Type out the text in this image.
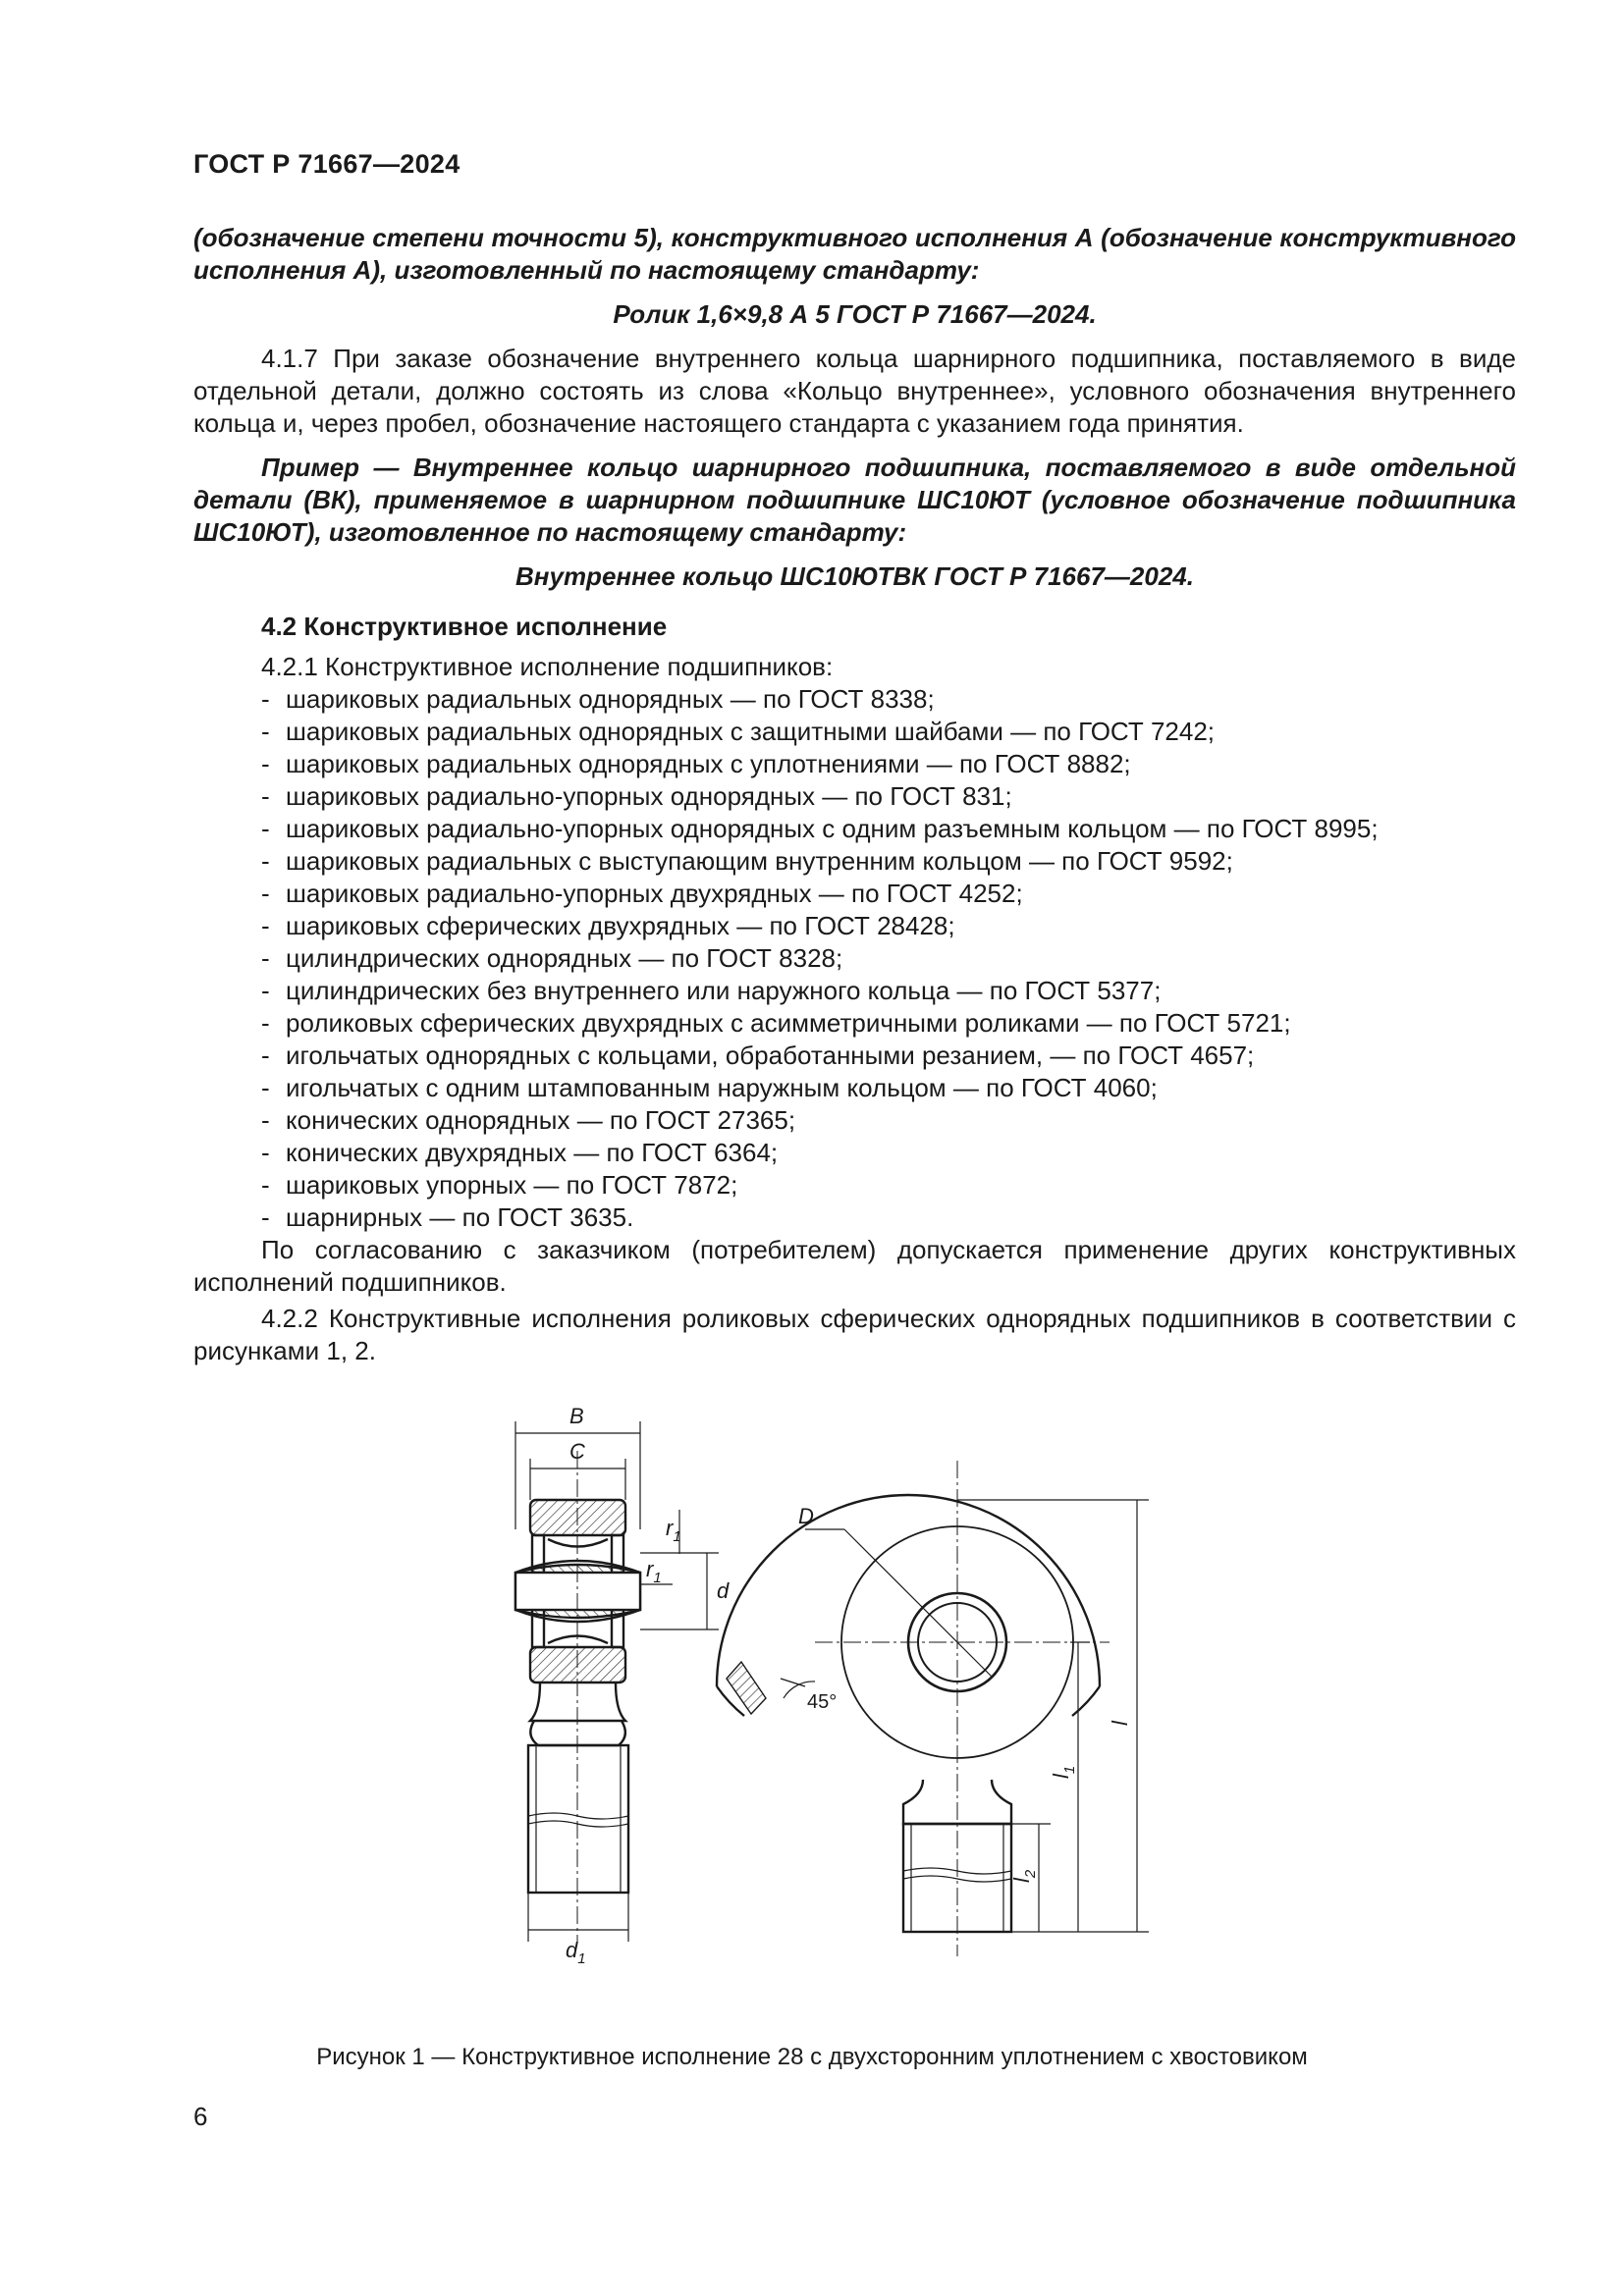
ГОСТ Р 71667—2024

(обозначение степени точности 5), конструктивного исполнения А (обозначение конструктивного исполнения А), изготовленный по настоящему стандарту:

Ролик 1,6×9,8 А 5 ГОСТ Р 71667—2024.

4.1.7 При заказе обозначение внутреннего кольца шарнирного подшипника, поставляемого в виде отдельной детали, должно состоять из слова «Кольцо внутреннее», условного обозначения внутреннего кольца и, через пробел, обозначение настоящего стандарта с указанием года принятия.

Пример — Внутреннее кольцо шарнирного подшипника, поставляемого в виде отдельной детали (ВК), применяемое в шарнирном подшипнике ШС10ЮТ (условное обозначение подшипника ШС10ЮТ), изготовленное по настоящему стандарту:

Внутреннее кольцо ШС10ЮТВК ГОСТ Р 71667—2024.

4.2 Конструктивное исполнение

4.2.1 Конструктивное исполнение подшипников:

- шариковых радиальных однорядных — по ГОСТ 8338;
- шариковых радиальных однорядных с защитными шайбами — по ГОСТ 7242;
- шариковых радиальных однорядных с уплотнениями — по ГОСТ 8882;
- шариковых радиально-упорных однорядных — по ГОСТ 831;
- шариковых радиально-упорных однорядных с одним разъемным кольцом — по ГОСТ 8995;
- шариковых радиальных с выступающим внутренним кольцом — по ГОСТ 9592;
- шариковых радиально-упорных двухрядных — по ГОСТ 4252;
- шариковых сферических двухрядных — по ГОСТ 28428;
- цилиндрических однорядных — по ГОСТ 8328;
- цилиндрических без внутреннего или наружного кольца — по ГОСТ 5377;
- роликовых сферических двухрядных с асимметричными роликами — по ГОСТ 5721;
- игольчатых однорядных с кольцами, обработанными резанием, — по ГОСТ 4657;
- игольчатых с одним штампованным наружным кольцом — по ГОСТ 4060;
- конических однорядных — по ГОСТ 27365;
- конических двухрядных — по ГОСТ 6364;
- шариковых упорных — по ГОСТ 7872;
- шарнирных — по ГОСТ 3635.

По согласованию с заказчиком (потребителем) допускается применение других конструктивных исполнений подшипников.

4.2.2 Конструктивные исполнения роликовых сферических однорядных подшипников в соответствии с рисунками 1, 2.

B
C
$r_1$
$r_1$
d
$d_1$
D
l
$l_1$
$l_2$
45°
Рисунок 1 — Конструктивное исполнение 28 с двухсторонним уплотнением с хвостовиком
6
